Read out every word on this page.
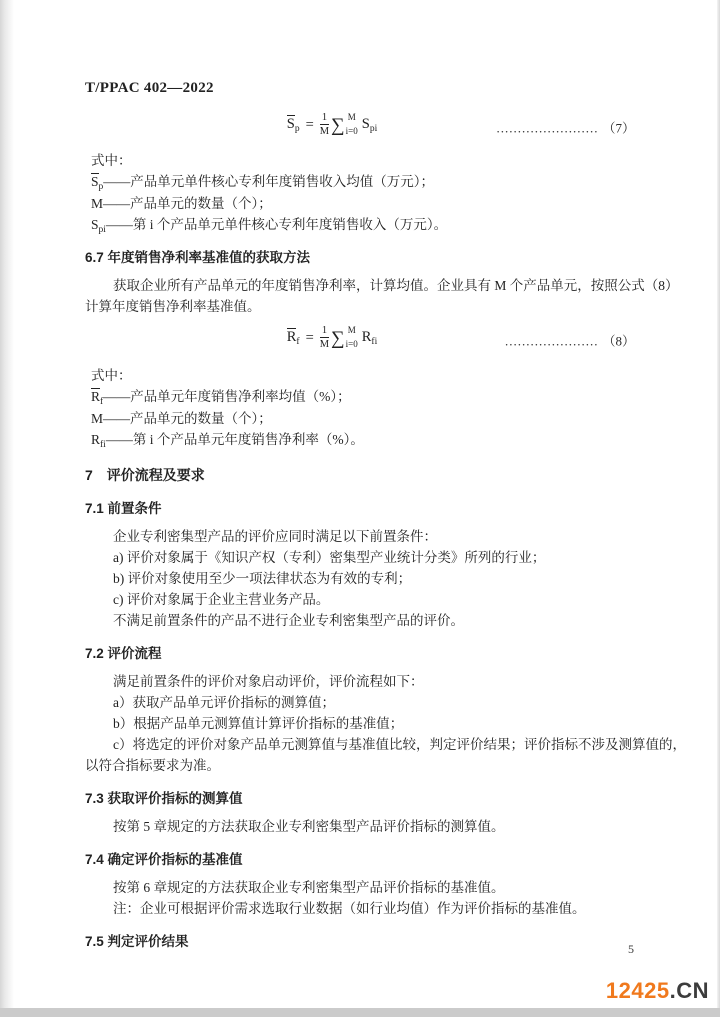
T/PPAC 402—2022
$S_p = \frac{1}{M}$ ∑ M
i=0 $S_{pi}$	........................ （7）
式中：
$S_p——$产品单元单件核心专利年度销售收入均值（万元）；
M——产品单元的数量（个）；
$S_{pi}——$第 i 个产品单元单件核心专利年度销售收入（万元）。
6.7 年度销售净利率基准值的获取方法

获取企业所有产品单元的年度销售净利率，计算均值。企业具有 M 个产品单元，按照公式（8）

计算年度销售净利率基准值。

$R_f = \frac{1}{M}$ ∑ M
i=0 $R_{fi}$	...................... （8）
式中：
$R_f——$产品单元年度销售净利率均值（%）；
M——产品单元的数量（个）；
$R_{fi}——$第 i 个产品单元年度销售净利率（%）。
7 评价流程及要求
7.1 前置条件

企业专利密集型产品的评价应同时满足以下前置条件：

a) 评价对象属于《知识产权（专利）密集型产业统计分类》所列的行业；

b) 评价对象使用至少一项法律状态为有效的专利；

c) 评价对象属于企业主营业务产品。

不满足前置条件的产品不进行企业专利密集型产品的评价。

7.2 评价流程

满足前置条件的评价对象启动评价，评价流程如下：

a）获取产品单元评价指标的测算值；

b）根据产品单元测算值计算评价指标的基准值；

c）将选定的评价对象产品单元测算值与基准值比较，判定评价结果；评价指标不涉及测算值的，

以符合指标要求为准。

7.3 获取评价指标的测算值

按第 5 章规定的方法获取企业专利密集型产品评价指标的测算值。

7.4 确定评价指标的基准值

按第 6 章规定的方法获取企业专利密集型产品评价指标的基准值。

注：企业可根据评价需求选取行业数据（如行业均值）作为评价指标的基准值。

7.5 判定评价结果	5
12425.CN
